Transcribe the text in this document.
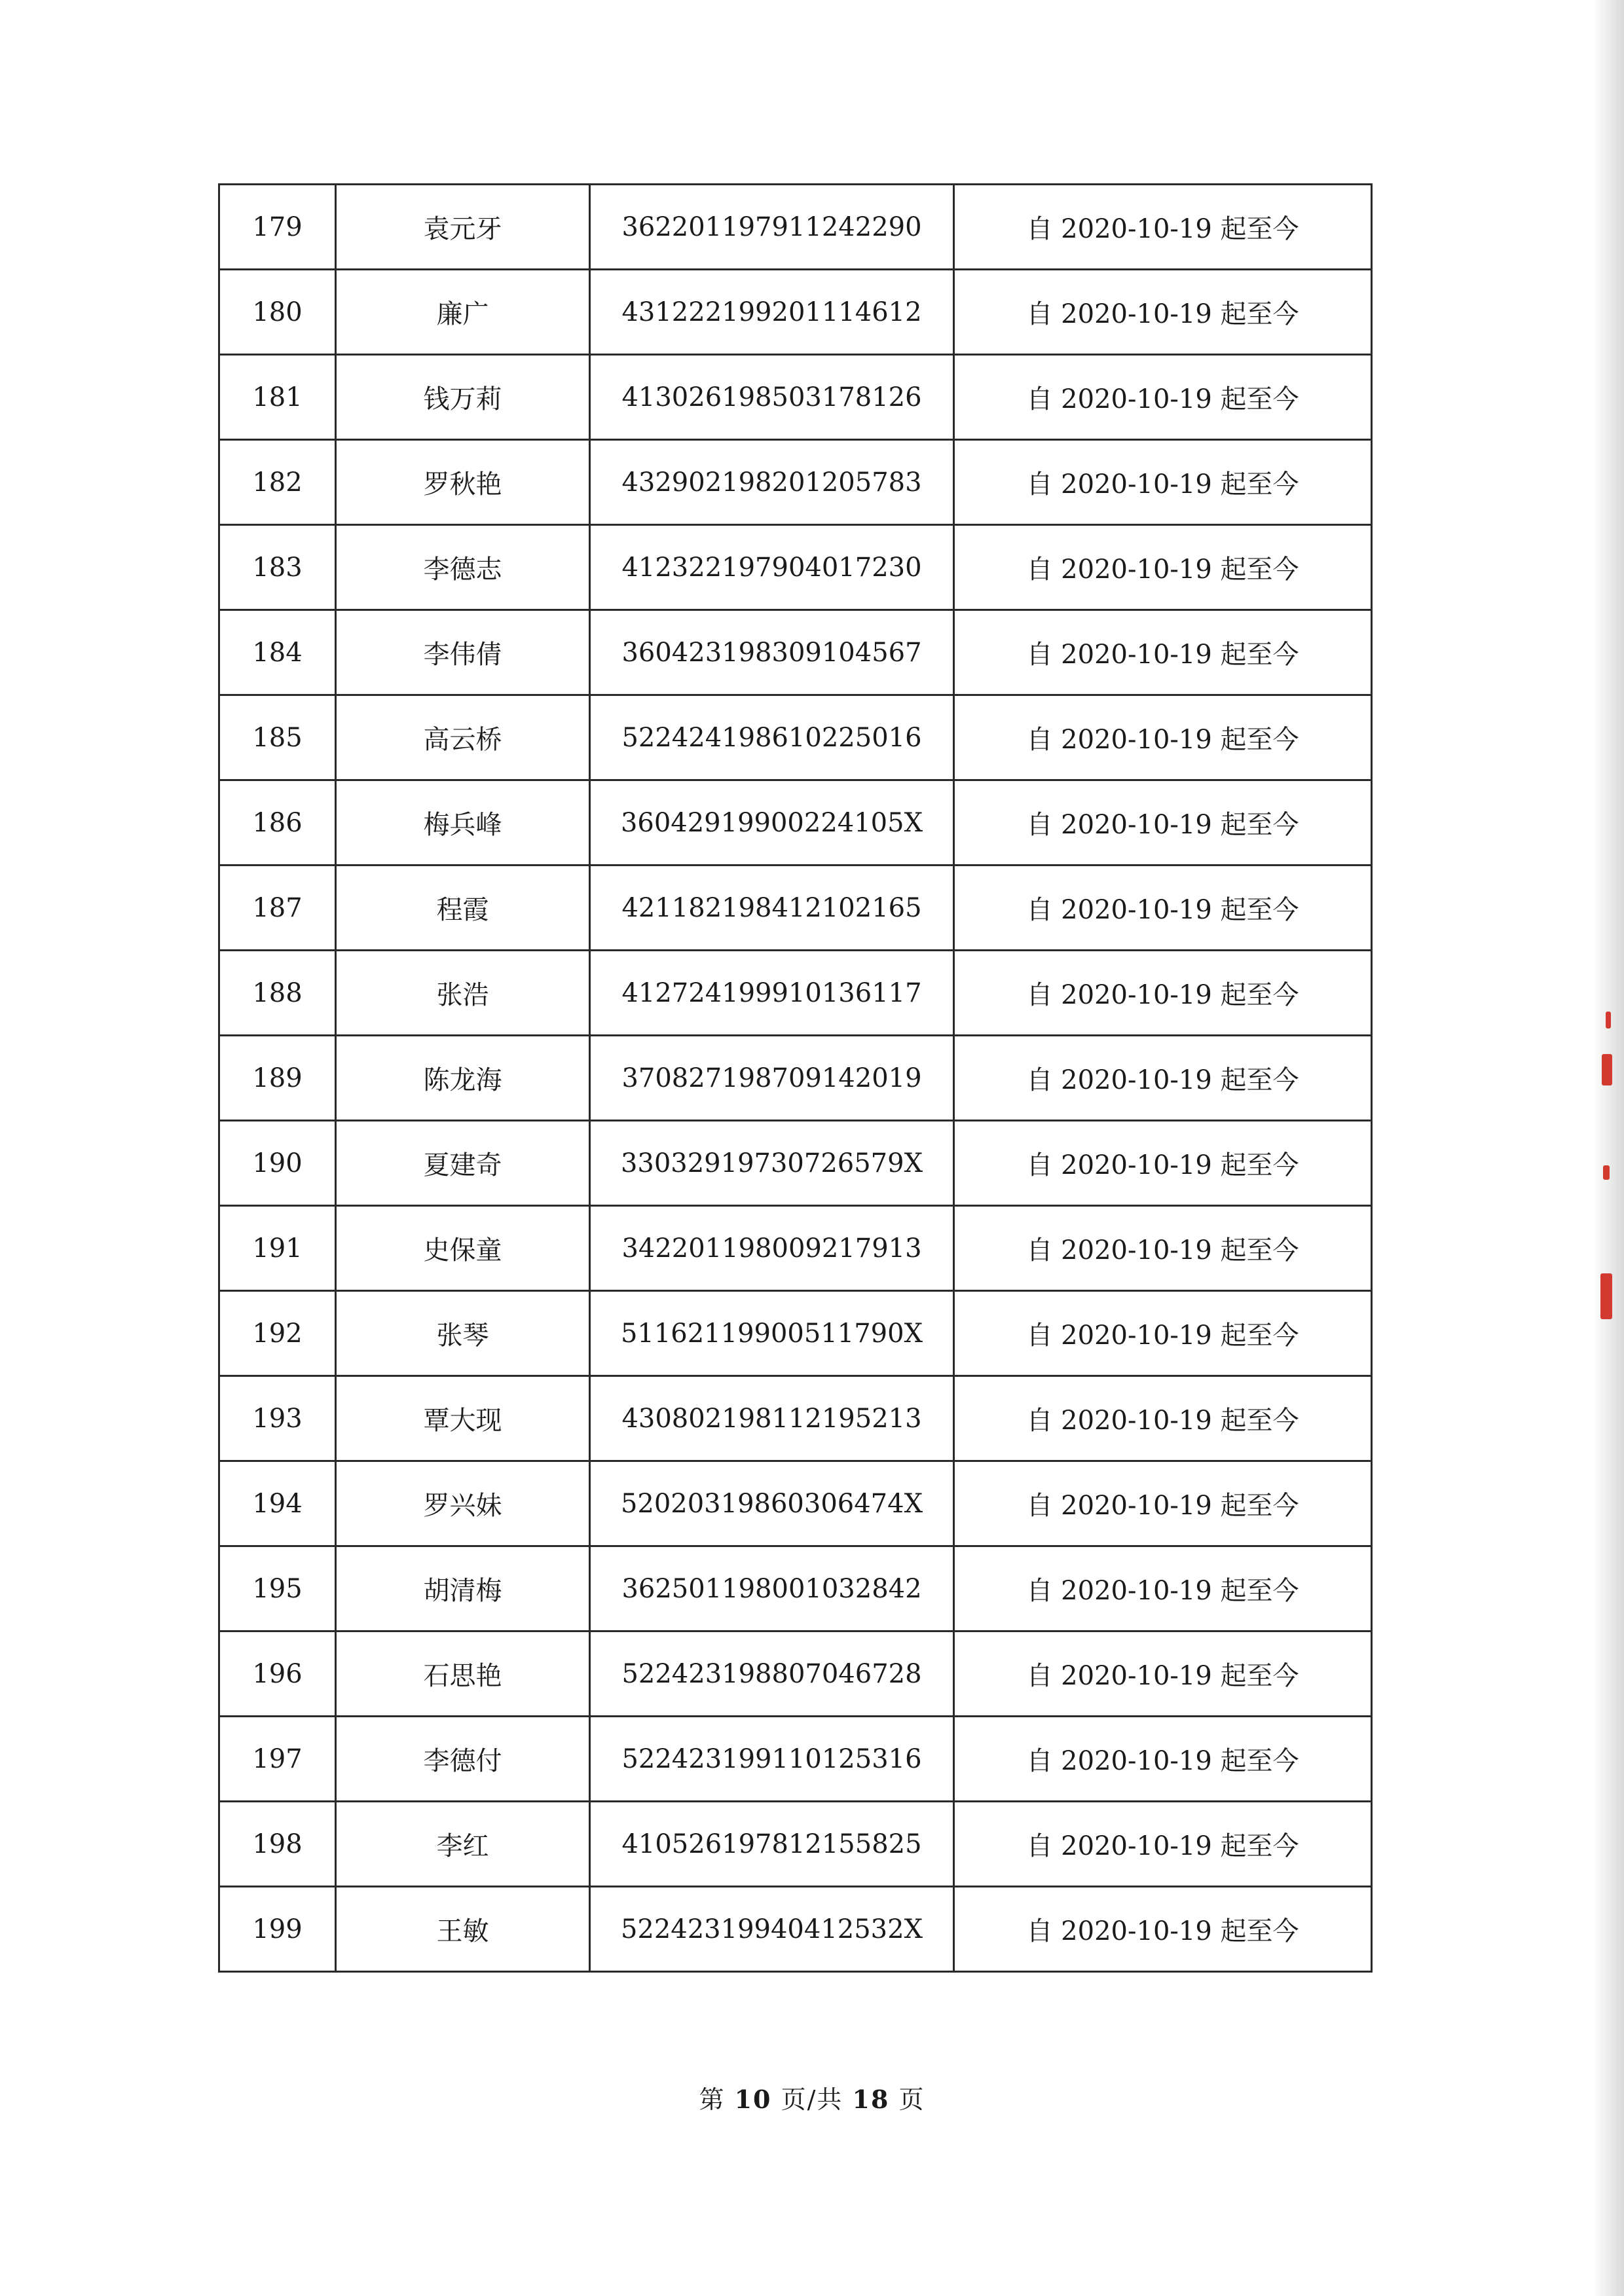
179	袁元牙	362201197911242290	自 2020-10-19 起至今
180	廉广	431222199201114612	自 2020-10-19 起至今
181	钱万莉	413026198503178126	自 2020-10-19 起至今
182	罗秋艳	432902198201205783	自 2020-10-19 起至今
183	李德志	412322197904017230	自 2020-10-19 起至今
184	李伟倩	360423198309104567	自 2020-10-19 起至今
185	高云桥	522424198610225016	自 2020-10-19 起至今
186	梅兵峰	36042919900224105X	自 2020-10-19 起至今
187	程霞	421182198412102165	自 2020-10-19 起至今
188	张浩	412724199910136117	自 2020-10-19 起至今
189	陈龙海	370827198709142019	自 2020-10-19 起至今
190	夏建奇	33032919730726579X	自 2020-10-19 起至今
191	史保童	342201198009217913	自 2020-10-19 起至今
192	张琴	51162119900511790X	自 2020-10-19 起至今
193	覃大现	430802198112195213	自 2020-10-19 起至今
194	罗兴妹	52020319860306474X	自 2020-10-19 起至今
195	胡清梅	362501198001032842	自 2020-10-19 起至今
196	石思艳	522423198807046728	自 2020-10-19 起至今
197	李德付	522423199110125316	自 2020-10-19 起至今
198	李红	410526197812155825	自 2020-10-19 起至今
199	王敏	52242319940412532X	自 2020-10-19 起至今
第 10 页/共 18 页
